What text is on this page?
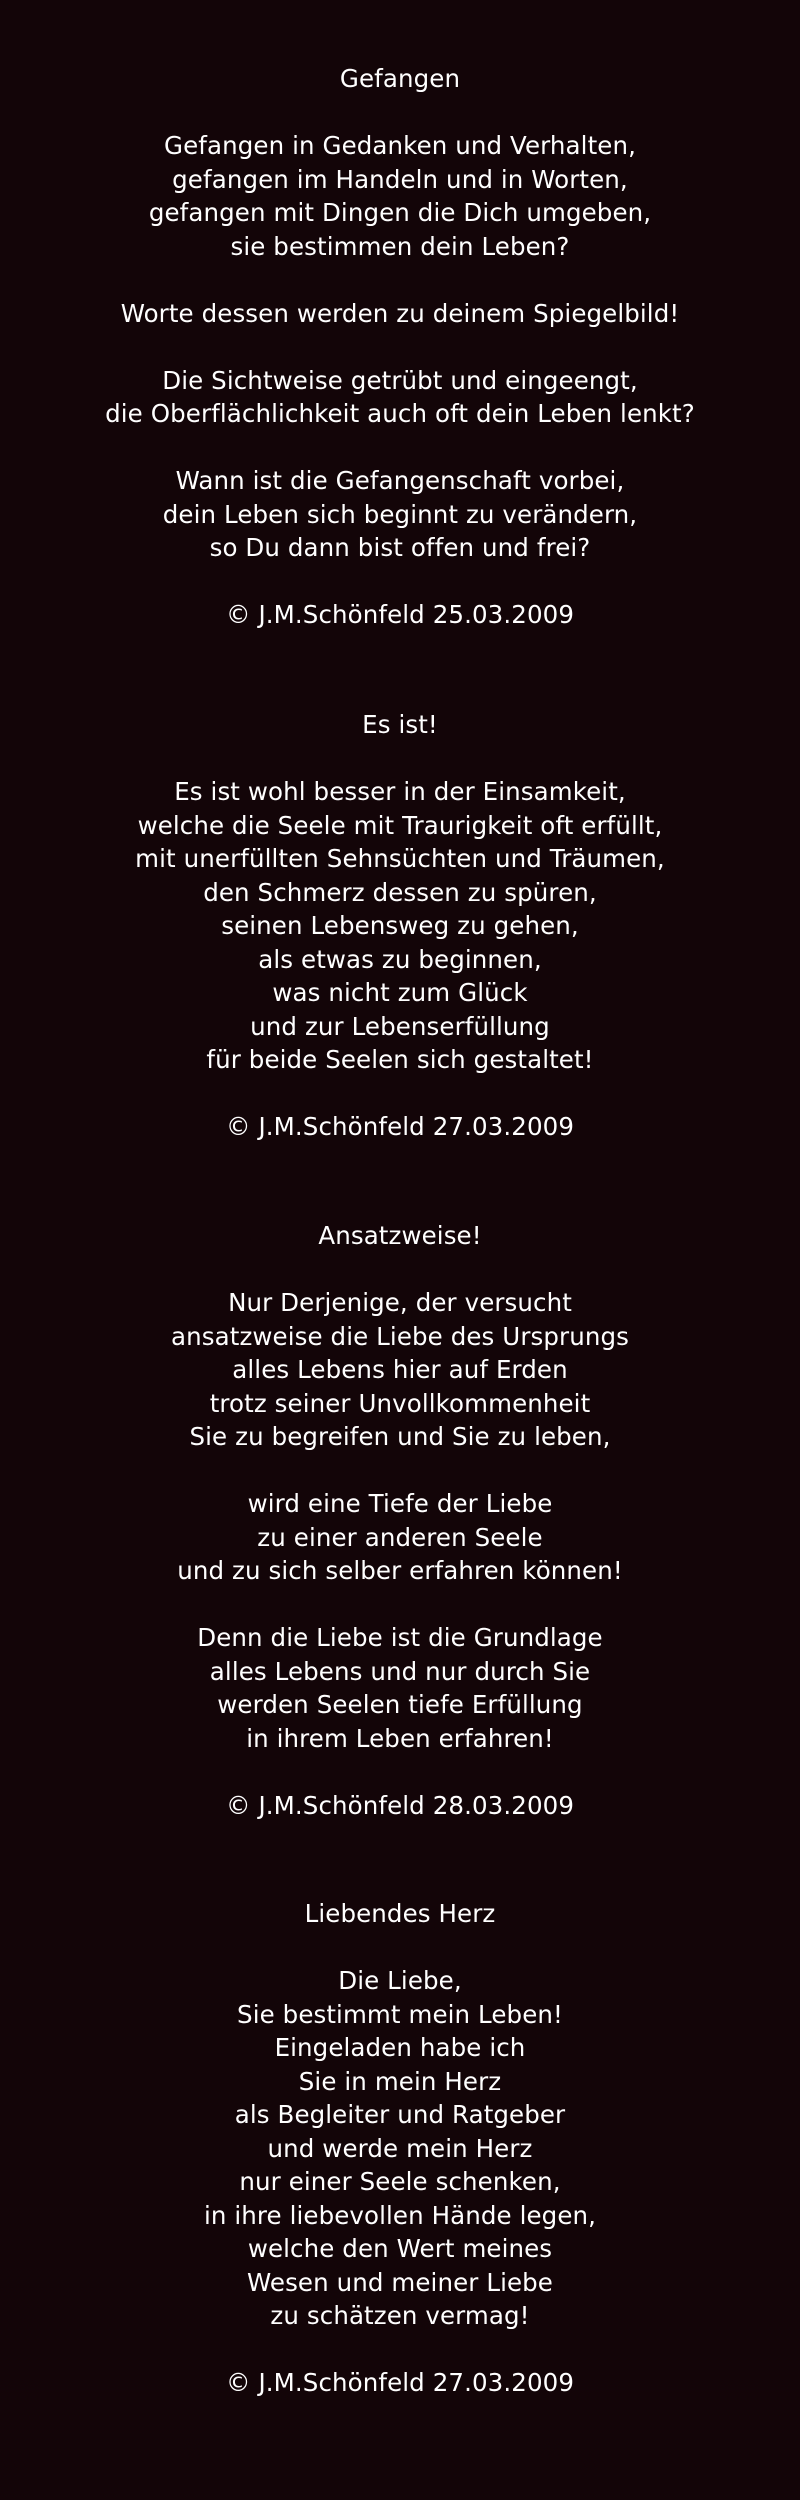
Gefangen
Gefangen in Gedanken und Verhalten,
gefangen im Handeln und in Worten,
gefangen mit Dingen die Dich umgeben,
sie bestimmen dein Leben?
Worte dessen werden zu deinem Spiegelbild!
Die Sichtweise getrübt und eingeengt,
die Oberflächlichkeit auch oft dein Leben lenkt?
Wann ist die Gefangenschaft vorbei,
dein Leben sich beginnt zu verändern,
so Du dann bist offen und frei?
© J.M.Schönfeld 25.03.2009
Es ist!
Es ist wohl besser in der Einsamkeit,
welche die Seele mit Traurigkeit oft erfüllt,
mit unerfüllten Sehnsüchten und Träumen,
den Schmerz dessen zu spüren,
seinen Lebensweg zu gehen,
als etwas zu beginnen,
was nicht zum Glück
und zur Lebenserfüllung
für beide Seelen sich gestaltet!
© J.M.Schönfeld 27.03.2009
Ansatzweise!
Nur Derjenige, der versucht
ansatzweise die Liebe des Ursprungs
alles Lebens hier auf Erden
trotz seiner Unvollkommenheit
Sie zu begreifen und Sie zu leben,
wird eine Tiefe der Liebe
zu einer anderen Seele
und zu sich selber erfahren können!
Denn die Liebe ist die Grundlage
alles Lebens und nur durch Sie
werden Seelen tiefe Erfüllung
in ihrem Leben erfahren!
© J.M.Schönfeld 28.03.2009
Liebendes Herz
Die Liebe,
Sie bestimmt mein Leben!
Eingeladen habe ich
Sie in mein Herz
als Begleiter und Ratgeber
und werde mein Herz
nur einer Seele schenken,
in ihre liebevollen Hände legen,
welche den Wert meines
Wesen und meiner Liebe
zu schätzen vermag!
© J.M.Schönfeld 27.03.2009
